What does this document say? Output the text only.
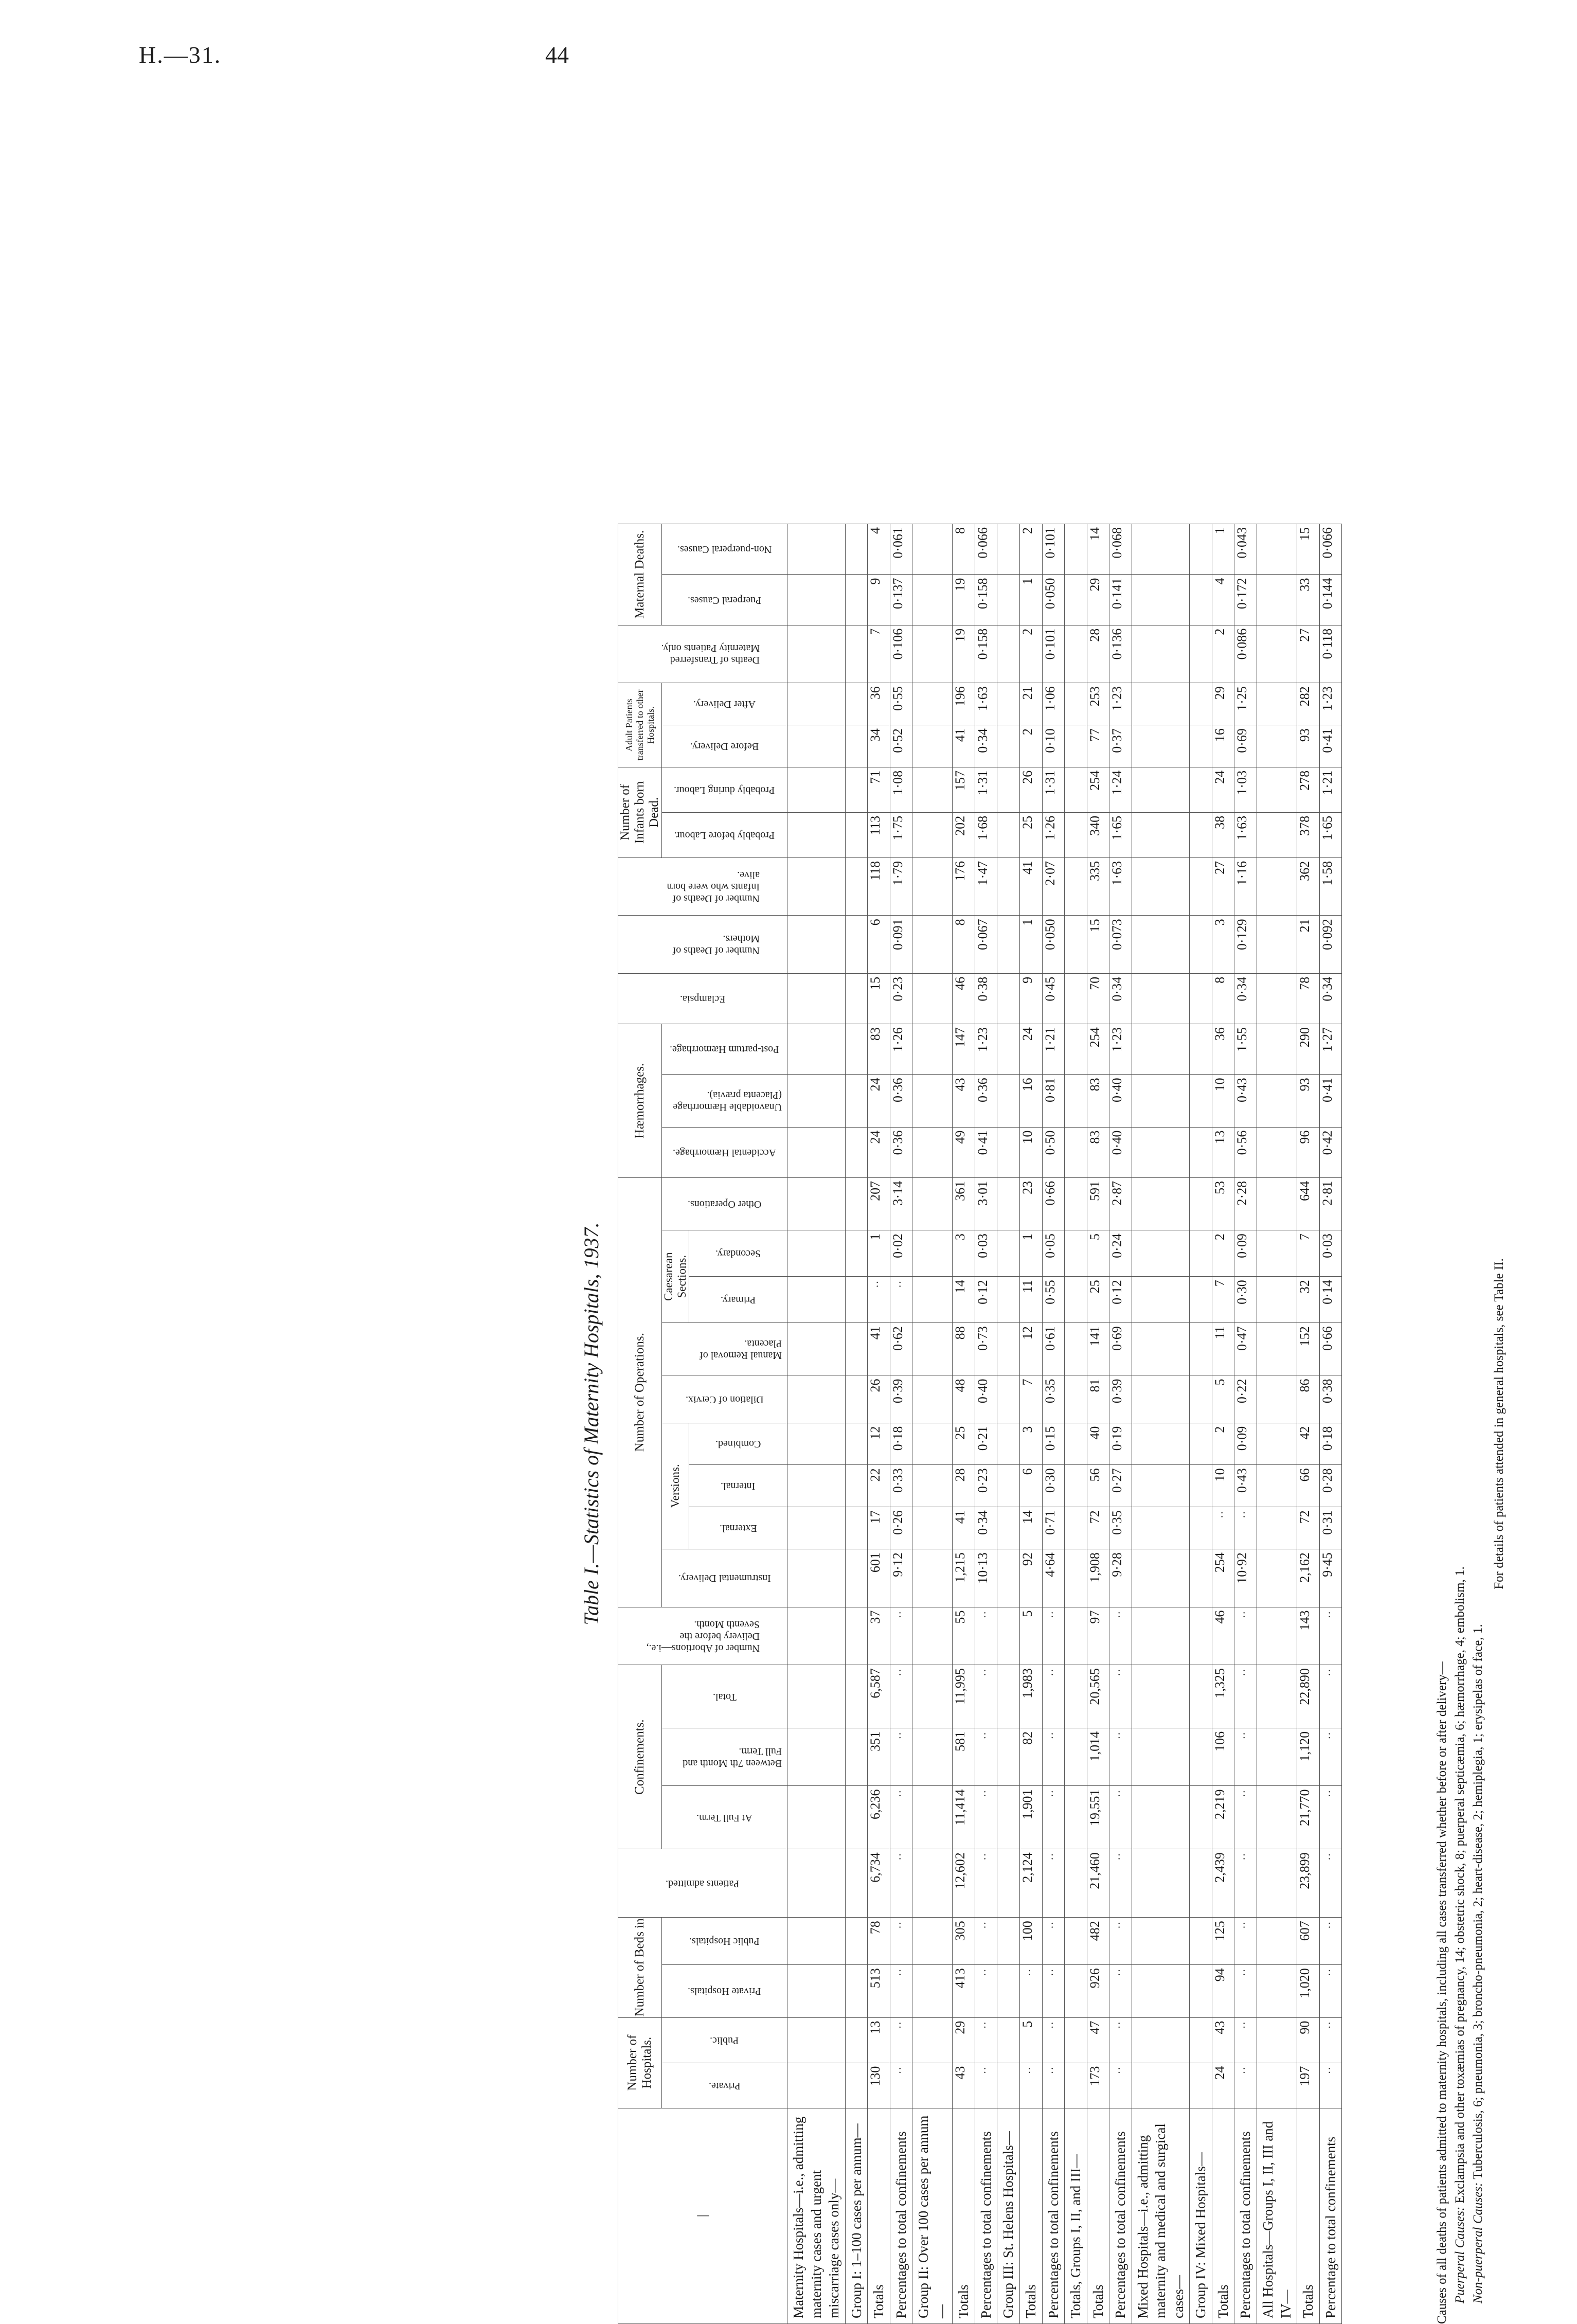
H.—31.	44
Table I.—Statistics of Maternity Hospitals, 1937.
|	Number of Hospitals.		Number of Beds in		Patients admitted.	Confinements.			Number of Abortions—i.e., Delivery before the Seventh Month.	Number of Operations.									Hæmorrhages.			Eclampsia.	Number of Deaths of Mothers.	Number of Deaths of Infants who were born alive.	Number of Infants born Dead.		Adult Patients transferred to other Hospitals.		Deaths of Transferred Maternity Patients only.	Maternal Deaths.	

	Private.	Public.	Private Hospitals.	Public Hospitals.		At Full Term.	Between 7th Month and Full Term.	Total.		Instrumental Delivery.	Versions.			Dilation of Cervix.	Manual Removal of Placenta.	Caesarean Sections.		Other Operations.	Accidental Hæmorrhage.	Unavoidable Hæmorrhage (Placenta prævia).	Post-partum Hæmorrhage.				Probably before Labour.	Probably during Labour.	Before Delivery.	After Delivery.		Puerperal Causes.	Non-puerperal Causes.

											External.	Internal.	Combined.			Primary.	Secondary.														

Maternity Hospitals—i.e., admitting maternity cases and urgent miscarriage cases only—																															
Group I: 1–100 cases per annum—																															
Totals	130	13	513	78	6,734	6,236	351	6,587	37	601	17	22	12	26	41	..	1	207	24	24	83	15	6	118	113	71	34	36	7	9	4
Percentages to total confinements	..	..	..	..	..	..	..	..	..	9·12	0·26	0·33	0·18	0·39	0·62	..	0·02	3·14	0·36	0·36	1·26	0·23	0·091	1·79	1·75	1·08	0·52	0·55	0·106	0·137	0·061
Group II: Over 100 cases per annum—																															
Totals	43	29	413	305	12,602	11,414	581	11,995	55	1,215	41	28	25	48	88	14	3	361	49	43	147	46	8	176	202	157	41	196	19	19	8
Percentages to total confinements	..	..	..	..	..	..	..	..	..	10·13	0·34	0·23	0·21	0·40	0·73	0·12	0·03	3·01	0·41	0·36	1·23	0·38	0·067	1·47	1·68	1·31	0·34	1·63	0·158	0·158	0·066
Group III: St. Helens Hospitals—																															
Totals	..	5	..	100	2,124	1,901	82	1,983	5	92	14	6	3	7	12	11	1	23	10	16	24	9	1	41	25	26	2	21	2	1	2
Percentages to total confinements	..	..	..	..	..	..	..	..	..	4·64	0·71	0·30	0·15	0·35	0·61	0·55	0·05	0·66	0·50	0·81	1·21	0·45	0·050	2·07	1·26	1·31	0·10	1·06	0·101	0·050	0·101
Totals, Groups I, II, and III—																															
Totals	173	47	926	482	21,460	19,551	1,014	20,565	97	1,908	72	56	40	81	141	25	5	591	83	83	254	70	15	335	340	254	77	253	28	29	14
Percentages to total confinements	..	..	..	..	..	..	..	..	..	9·28	0·35	0·27	0·19	0·39	0·69	0·12	0·24	2·87	0·40	0·40	1·23	0·34	0·073	1·63	1·65	1·24	0·37	1·23	0·136	0·141	0·068
Mixed Hospitals—i.e., admitting maternity and medical and surgical cases—																															
Group IV: Mixed Hospitals—																															
Totals	24	43	94	125	2,439	2,219	106	1,325	46	254	..	10	2	5	11	7	2	53	13	10	36	8	3	27	38	24	16	29	2	4	1
Percentages to total confinements	..	..	..	..	..	..	..	..	..	10·92	..	0·43	0·09	0·22	0·47	0·30	0·09	2·28	0·56	0·43	1·55	0·34	0·129	1·16	1·63	1·03	0·69	1·25	0·086	0·172	0·043
All Hospitals—Groups I, II, III and IV—																															
Totals	197	90	1,020	607	23,899	21,770	1,120	22,890	143	2,162	72	66	42	86	152	32	7	644	96	93	290	78	21	362	378	278	93	282	27	33	15
Percentage to total confinements	..	..	..	..	..	..	..	..	..	9·45	0·31	0·28	0·18	0·38	0·66	0·14	0·03	2·81	0·42	0·41	1·27	0·34	0·092	1·58	1·65	1·21	0·41	1·23	0·118	0·144	0·066
Causes of all deaths of patients admitted to maternity hospitals, including all cases transferred whether before or after delivery— Puerperal Causes: Exclampsia and other toxæmias of pregnancy, 14; obstetric shock, 8; puerperal septicæmia, 6; hæmorrhage, 4; embolism, 1.
Non-puerperal Causes: Tuberculosis, 6; pneumonia, 3; broncho-pneumonia, 2; heart-disease, 2; hemiplegia, 1; erysipelas of face, 1.
For details of patients attended in general hospitals, see Table II.
